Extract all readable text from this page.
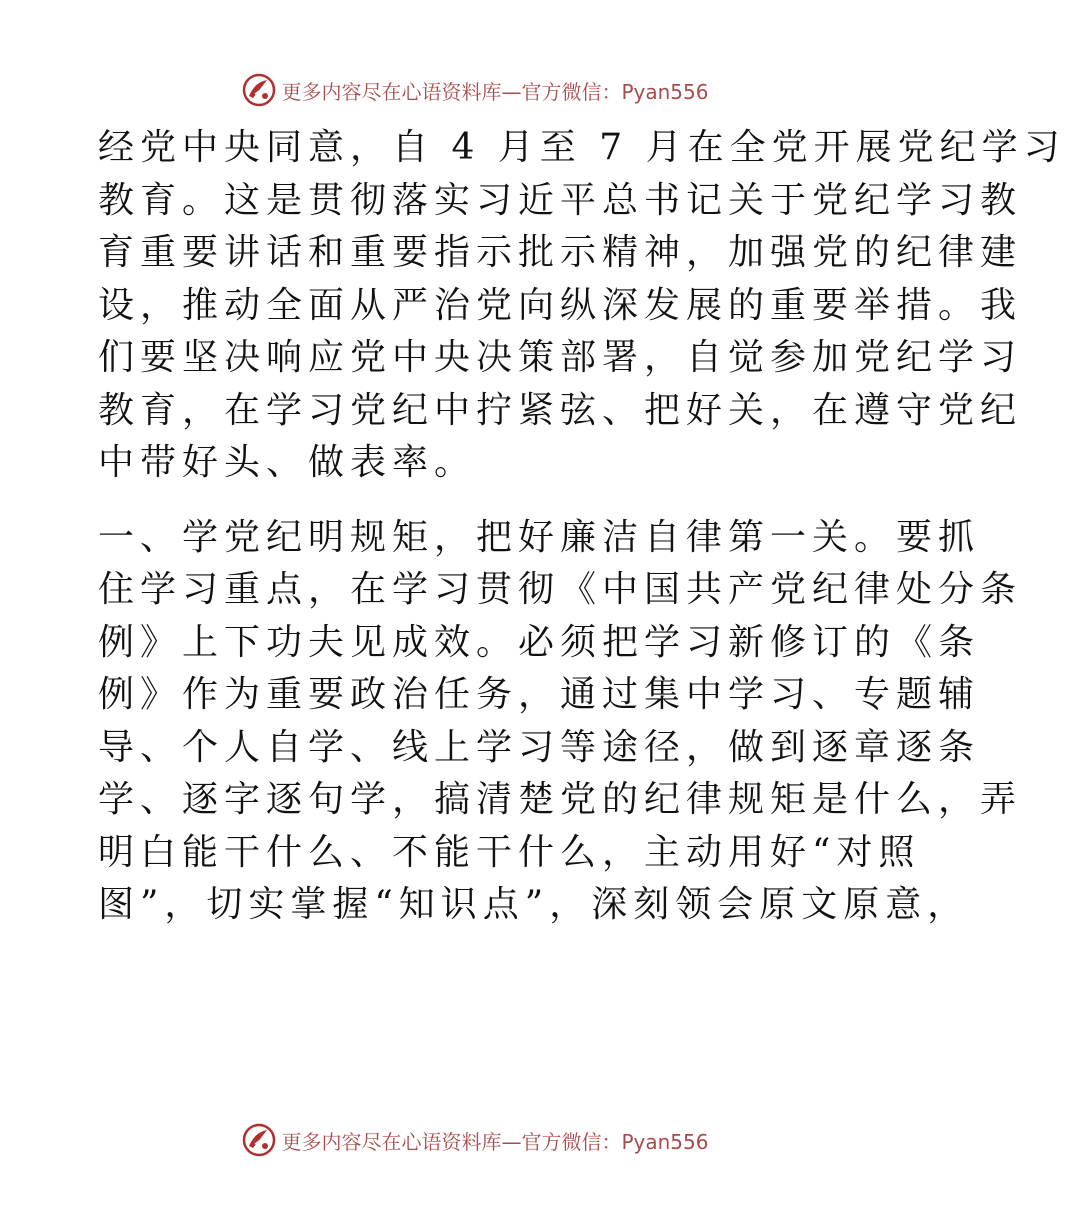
更多内容尽在心语资料库—官方微信：Pyan556
经党中央同意，自 4 月至 7 月在全党开展党纪学习
教育。这是贯彻落实习近平总书记关于党纪学习教
育重要讲话和重要指示批示精神，加强党的纪律建
设，推动全面从严治党向纵深发展的重要举措。我
们要坚决响应党中央决策部署，自觉参加党纪学习
教育，在学习党纪中拧紧弦、把好关，在遵守党纪
中带好头、做表率。
一、学党纪明规矩，把好廉洁自律第一关。要抓
住学习重点，在学习贯彻《中国共产党纪律处分条
例》上下功夫见成效。必须把学习新修订的《条
例》作为重要政治任务，通过集中学习、专题辅
导、个人自学、线上学习等途径，做到逐章逐条
学、逐字逐句学，搞清楚党的纪律规矩是什么，弄
明白能干什么、不能干什么，主动用好“对照
图”，切实掌握“知识点”，深刻领会原文原意，
更多内容尽在心语资料库—官方微信：Pyan556
